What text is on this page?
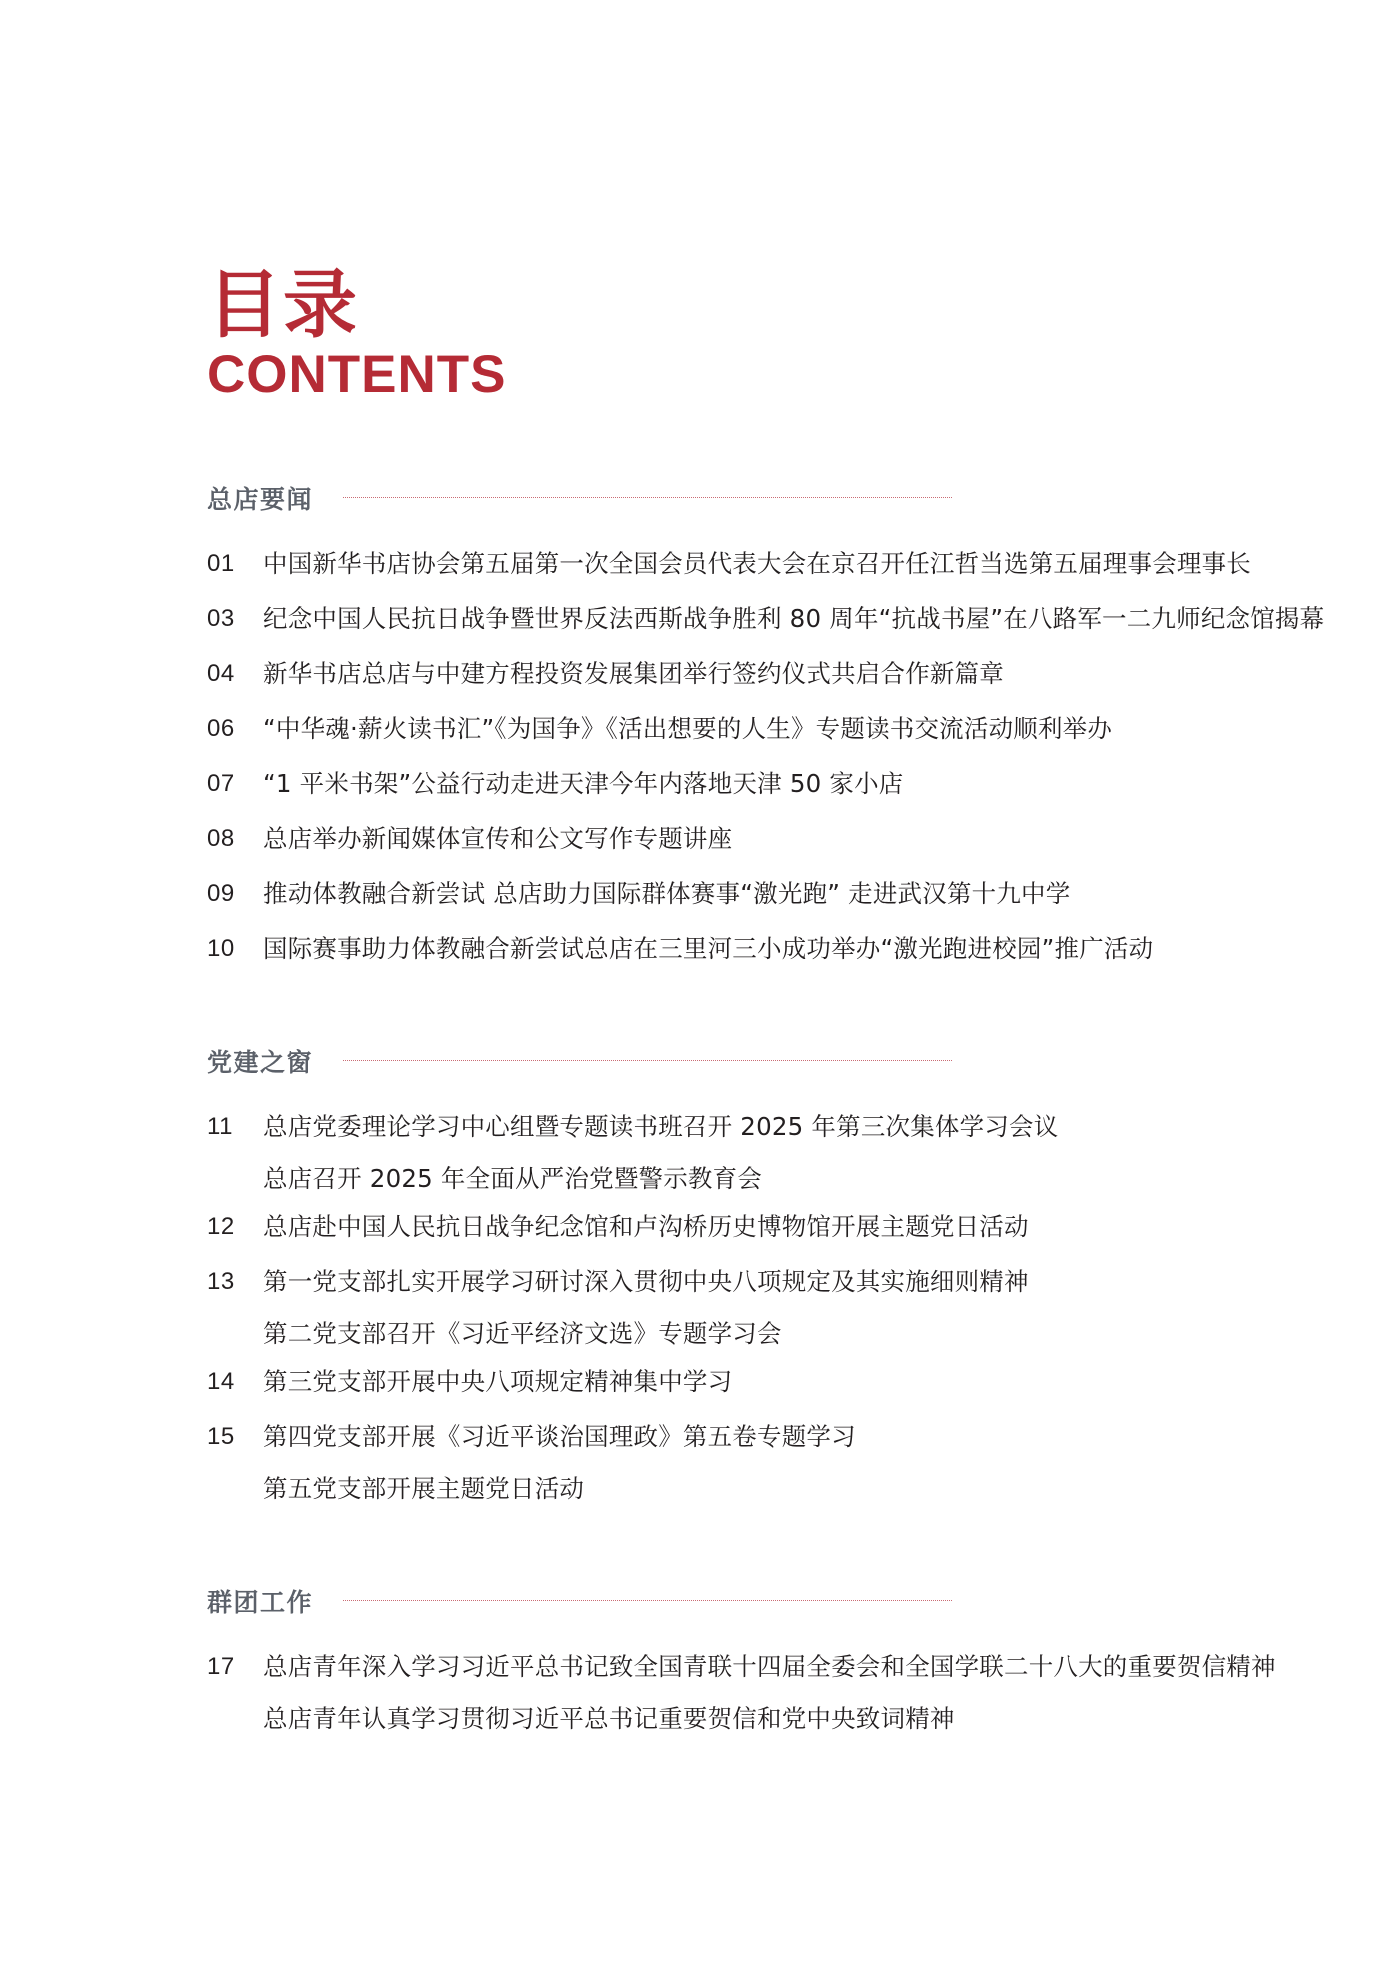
目录
CONTENTS
总店要闻
01	中国新华书店协会第五届第一次全国会员代表大会在京召开任江哲当选第五届理事会理事长
03	纪念中国人民抗日战争暨世界反法西斯战争胜利 80 周年“抗战书屋”在八路军一二九师纪念馆揭幕
04	新华书店总店与中建方程投资发展集团举行签约仪式共启合作新篇章
06	“中华魂·薪火读书汇”《为国争》《活出想要的人生》专题读书交流活动顺利举办
07	“1 平米书架”公益行动走进天津今年内落地天津 50 家小店
08	总店举办新闻媒体宣传和公文写作专题讲座
09	推动体教融合新尝试 总店助力国际群体赛事“激光跑” 走进武汉第十九中学
10	国际赛事助力体教融合新尝试总店在三里河三小成功举办“激光跑进校园”推广活动
党建之窗
11	总店党委理论学习中心组暨专题读书班召开 2025 年第三次集体学习会议
总店召开 2025 年全面从严治党暨警示教育会
12	总店赴中国人民抗日战争纪念馆和卢沟桥历史博物馆开展主题党日活动
13	第一党支部扎实开展学习研讨深入贯彻中央八项规定及其实施细则精神
第二党支部召开《习近平经济文选》专题学习会
14	第三党支部开展中央八项规定精神集中学习
15	第四党支部开展《习近平谈治国理政》第五卷专题学习
第五党支部开展主题党日活动
群团工作
17	总店青年深入学习习近平总书记致全国青联十四届全委会和全国学联二十八大的重要贺信精神
总店青年认真学习贯彻习近平总书记重要贺信和党中央致词精神
